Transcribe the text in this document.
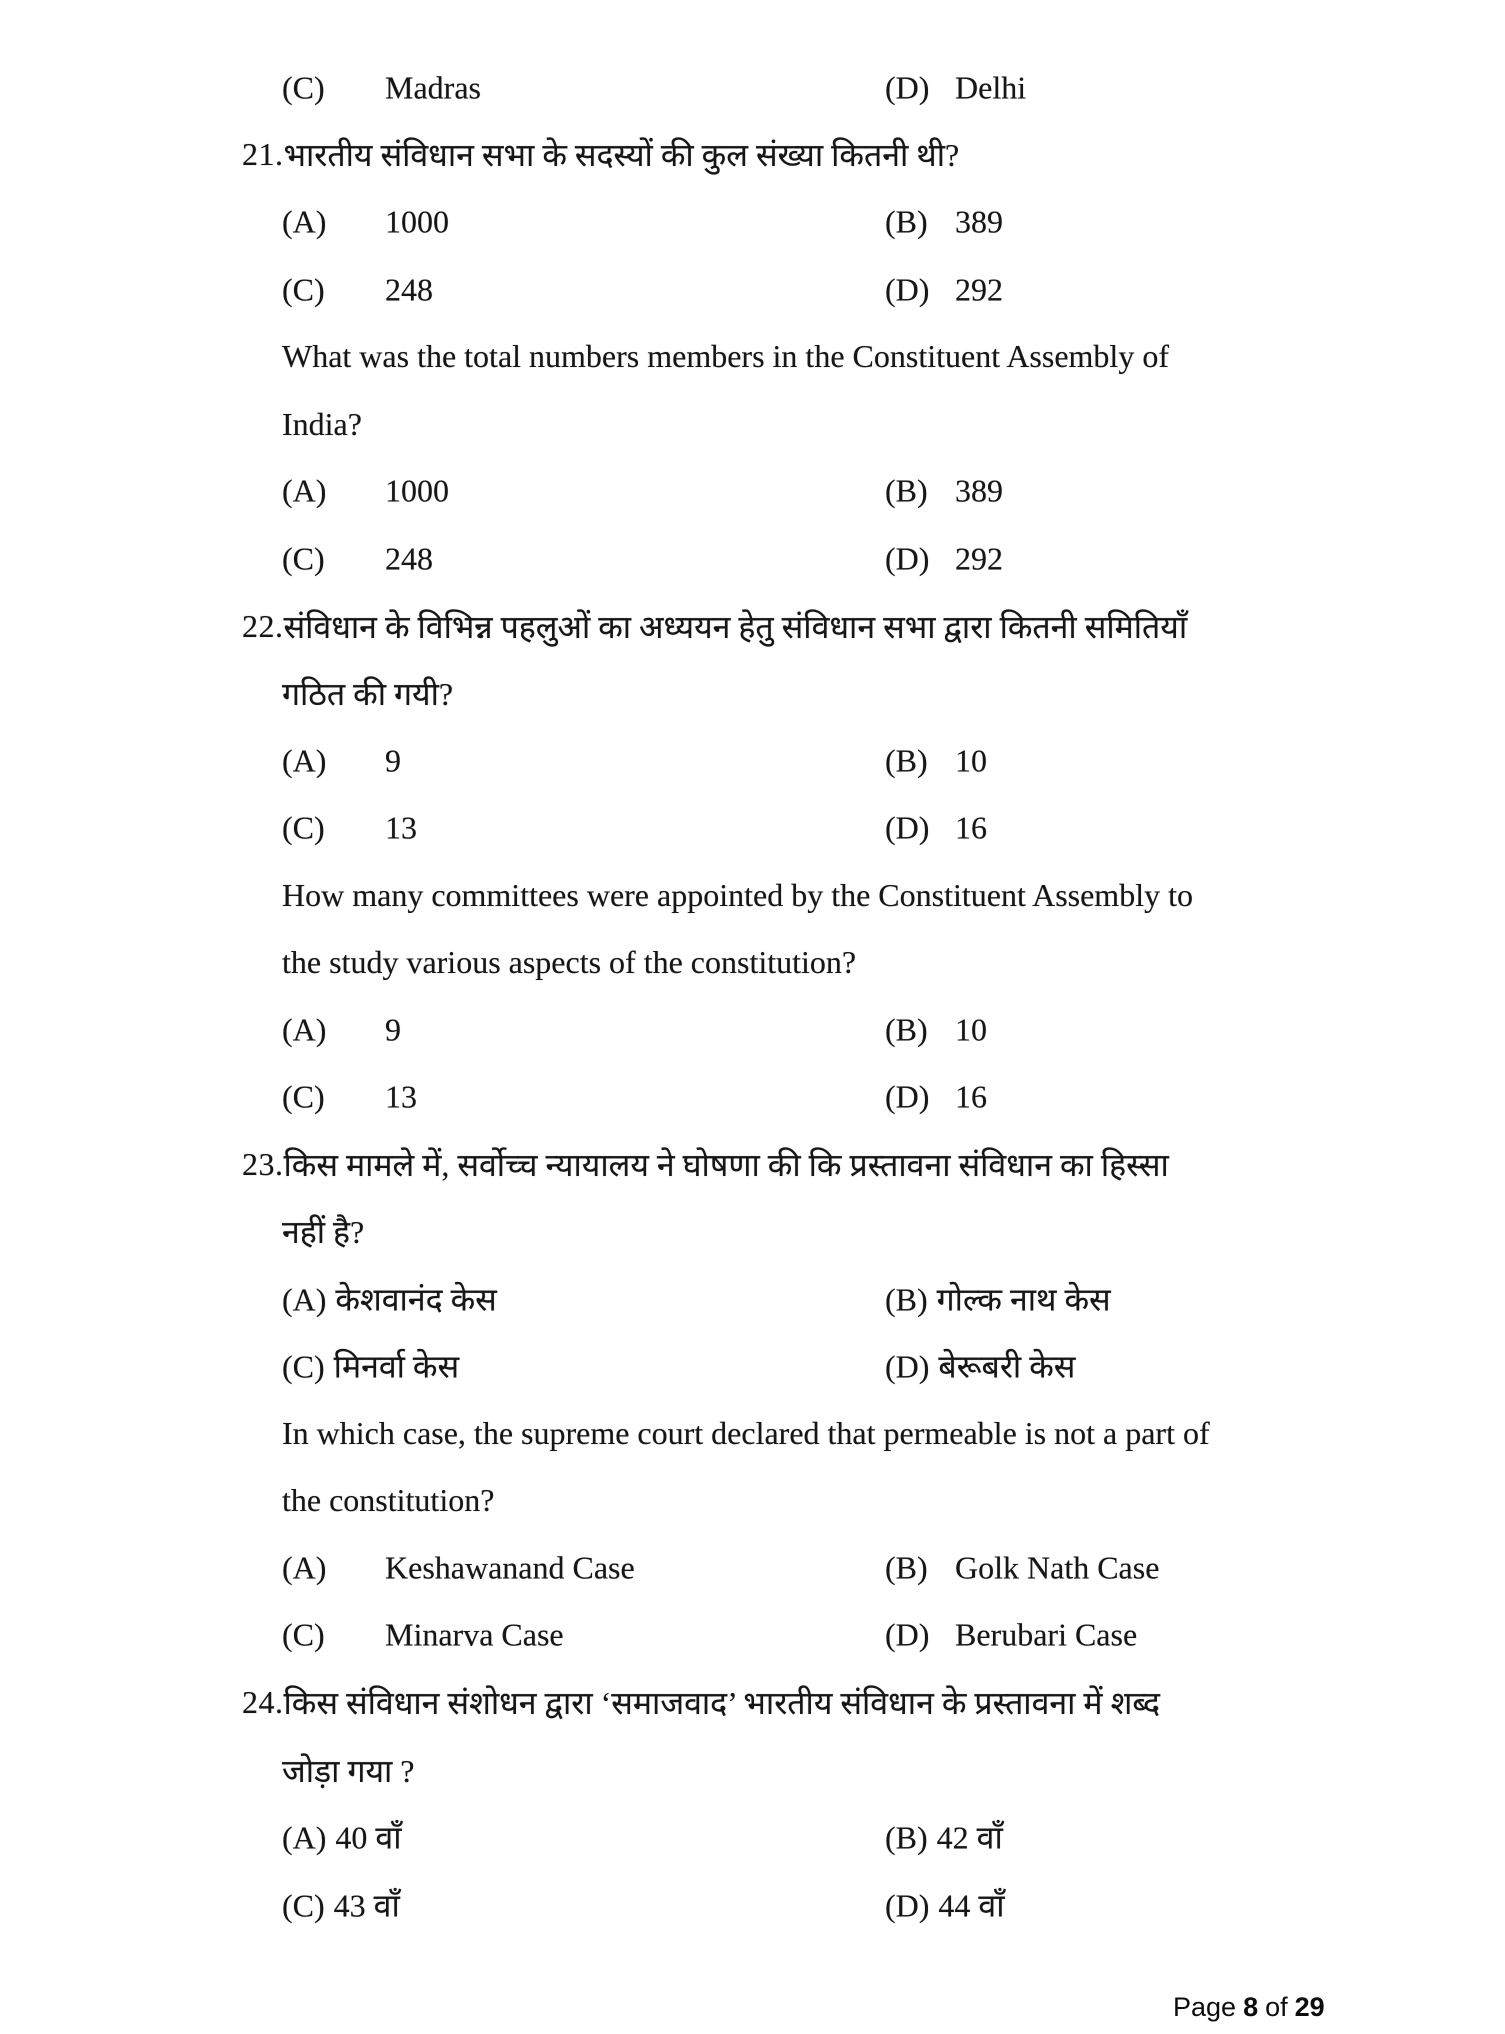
(C) Madras	(D) Delhi
21. भारतीय संविधान सभा के सदस्यों की कुल संख्या कितनी थी?
(A) 1000	(B) 389
(C) 248	(D) 292
What was the total numbers members in the Constituent Assembly of
India?
(A) 1000	(B) 389
(C) 248	(D) 292
22. संविधान के विभिन्न पहलुओं का अध्ययन हेतु संविधान सभा द्वारा कितनी समितियाँ
गठित की गयी?
(A) 9	(B) 10
(C) 13	(D) 16
How many committees were appointed by the Constituent Assembly to
the study various aspects of the constitution?
(A) 9	(B) 10
(C) 13	(D) 16
23. किस मामले में, सर्वोच्च न्यायालय ने घोषणा की कि प्रस्तावना संविधान का हिस्सा
नहीं है?
(A) केशवानंद केस	(B) गोल्क नाथ केस
(C) मिनर्वा केस	(D) बेरूबरी केस
In which case, the supreme court declared that permeable is not a part of
the constitution?
(A) Keshawanand Case	(B) Golk Nath Case
(C) Minarva Case	(D) Berubari Case
24. किस संविधान संशोधन द्वारा ‘समाजवाद’ भारतीय संविधान के प्रस्तावना में शब्द
जोड़ा गया ?
(A) 40 वाँ	(B) 42 वाँ
(C) 43 वाँ	(D) 44 वाँ
Page 8 of 29
